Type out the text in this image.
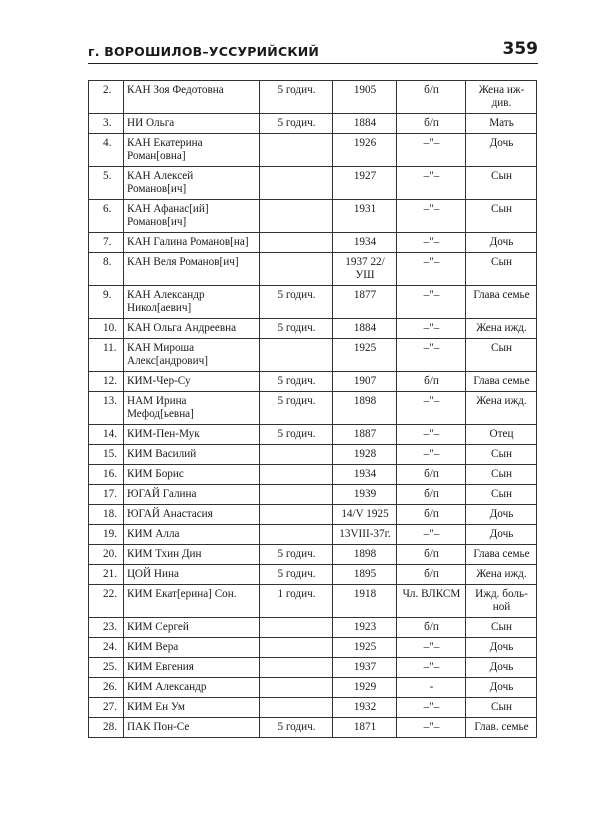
г. ВОРОШИЛОВ–УССУРИЙСКИЙ	359
2.	КАН Зоя Федотовна	5 годич.	1905	б/п	Жена иж-
див.
3.	НИ Ольга	5 годич.	1884	б/п	Мать
4.	КАН Екатерина
Роман[овна]		1926	–"–	Дочь
5.	КАН Алексей
Романов[ич]		1927	–"–	Сын
6.	КАН Афанас[ий]
Романов[ич]		1931	–"–	Сын
7.	КАН Галина Романов[на]		1934	–"–	Дочь
8.	КАН Веля Романов[ич]		1937 22/
УШ	–"–	Сын
9.	КАН Александр
Никол[аевич]	5 годич.	1877	–"–	Глава семье
10.	КАН Ольга Андреевна	5 годич.	1884	–"–	Жена ижд.
11.	КАН Мироша
Алекс[андрович]		1925	–"–	Сын
12.	КИМ-Чер-Су	5 годич.	1907	б/п	Глава семье
13.	НАМ Ирина
Мефод[ьевна]	5 годич.	1898	–"–	Жена ижд.
14.	КИМ-Пен-Мук	5 годич.	1887	–"–	Отец
15.	КИМ Василий		1928	–"–	Сын
16.	КИМ Борис		1934	б/п	Сын
17.	ЮГАЙ Галина		1939	б/п	Сын
18.	ЮГАЙ Анастасия		14/V 1925	б/п	Дочь
19.	КИМ Алла		13VIII-37г.	–"–	Дочь
20.	КИМ Тхин Дин	5 годич.	1898	б/п	Глава семье
21.	ЦОЙ Нина	5 годич.	1895	б/п	Жена ижд.
22.	КИМ Екат[ерина] Сон.	1 годич.	1918	Чл. ВЛКСМ	Ижд. боль-
ной
23.	КИМ Сергей		1923	б/п	Сын
24.	КИМ Вера		1925	–"–	Дочь
25.	КИМ Евгения		1937	–"–	Дочь
26.	КИМ Александр		1929	-	Дочь
27.	КИМ Ен Ум		1932	–"–	Сын
28.	ПАК Пон-Се	5 годич.	1871	–"–	Глав. семье
